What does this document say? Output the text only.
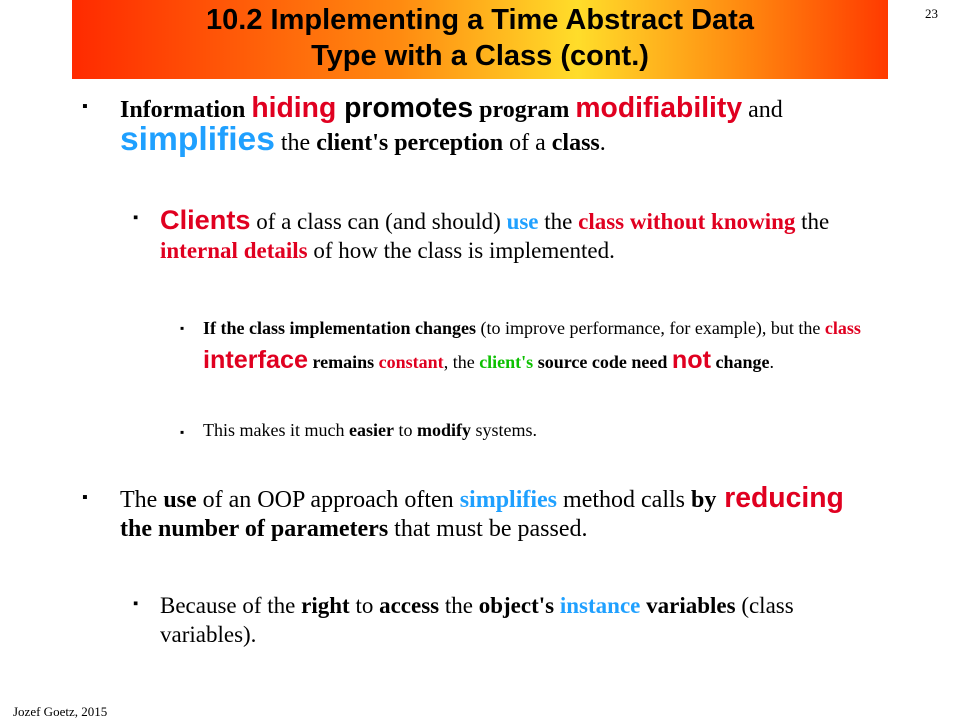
10.2 Implementing a Time Abstract Data
Type with a Class (cont.)
23
▪ Information hiding promotes program modifiability and simplifies the client's perception of a class.
▪ Clients of a class can (and should) use the class without knowing the internal details of how the class is implemented.
▪ If the class implementation changes (to improve performance, for example), but the class interface remains constant, the client's source code need not change.
▪ This makes it much easier to modify systems.
▪ The use of an OOP approach often simplifies method calls by reducing the number of parameters that must be passed.
▪ Because of the right to access the object's instance variables (class variables).
Jozef Goetz, 2015
